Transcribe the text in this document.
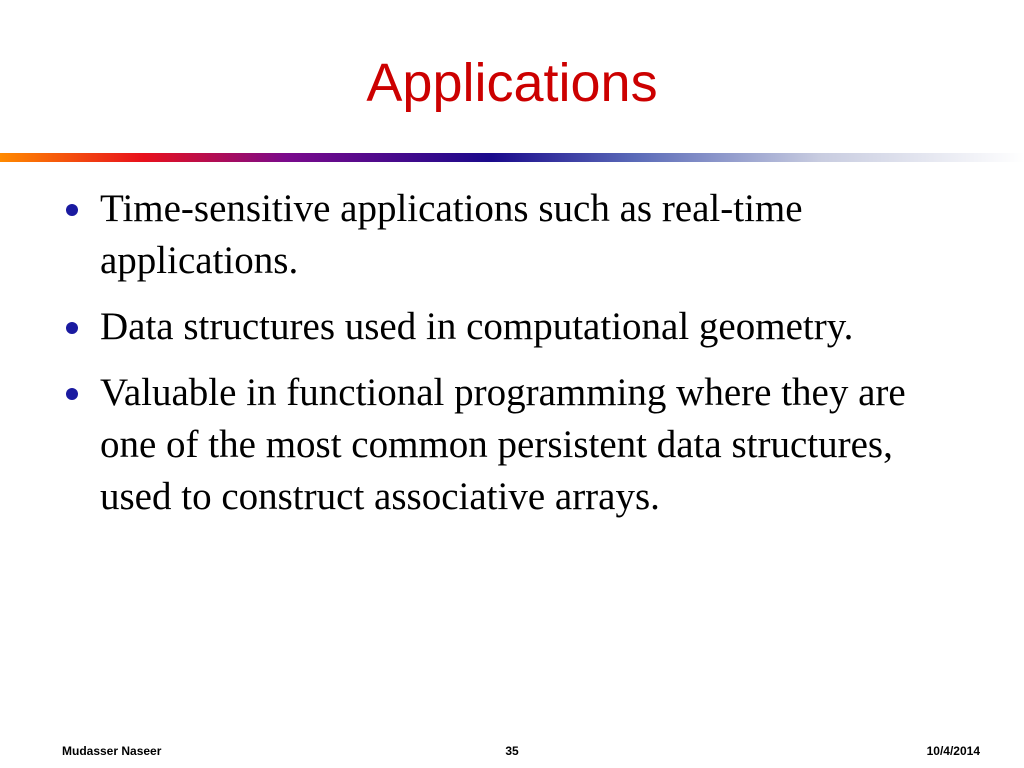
Applications
Time-sensitive applications such as real-time applications.
Data structures used in computational geometry.
Valuable in functional programming where they are one of the most common persistent data structures, used to construct associative arrays.
Mudasser Naseer	35	10/4/2014
